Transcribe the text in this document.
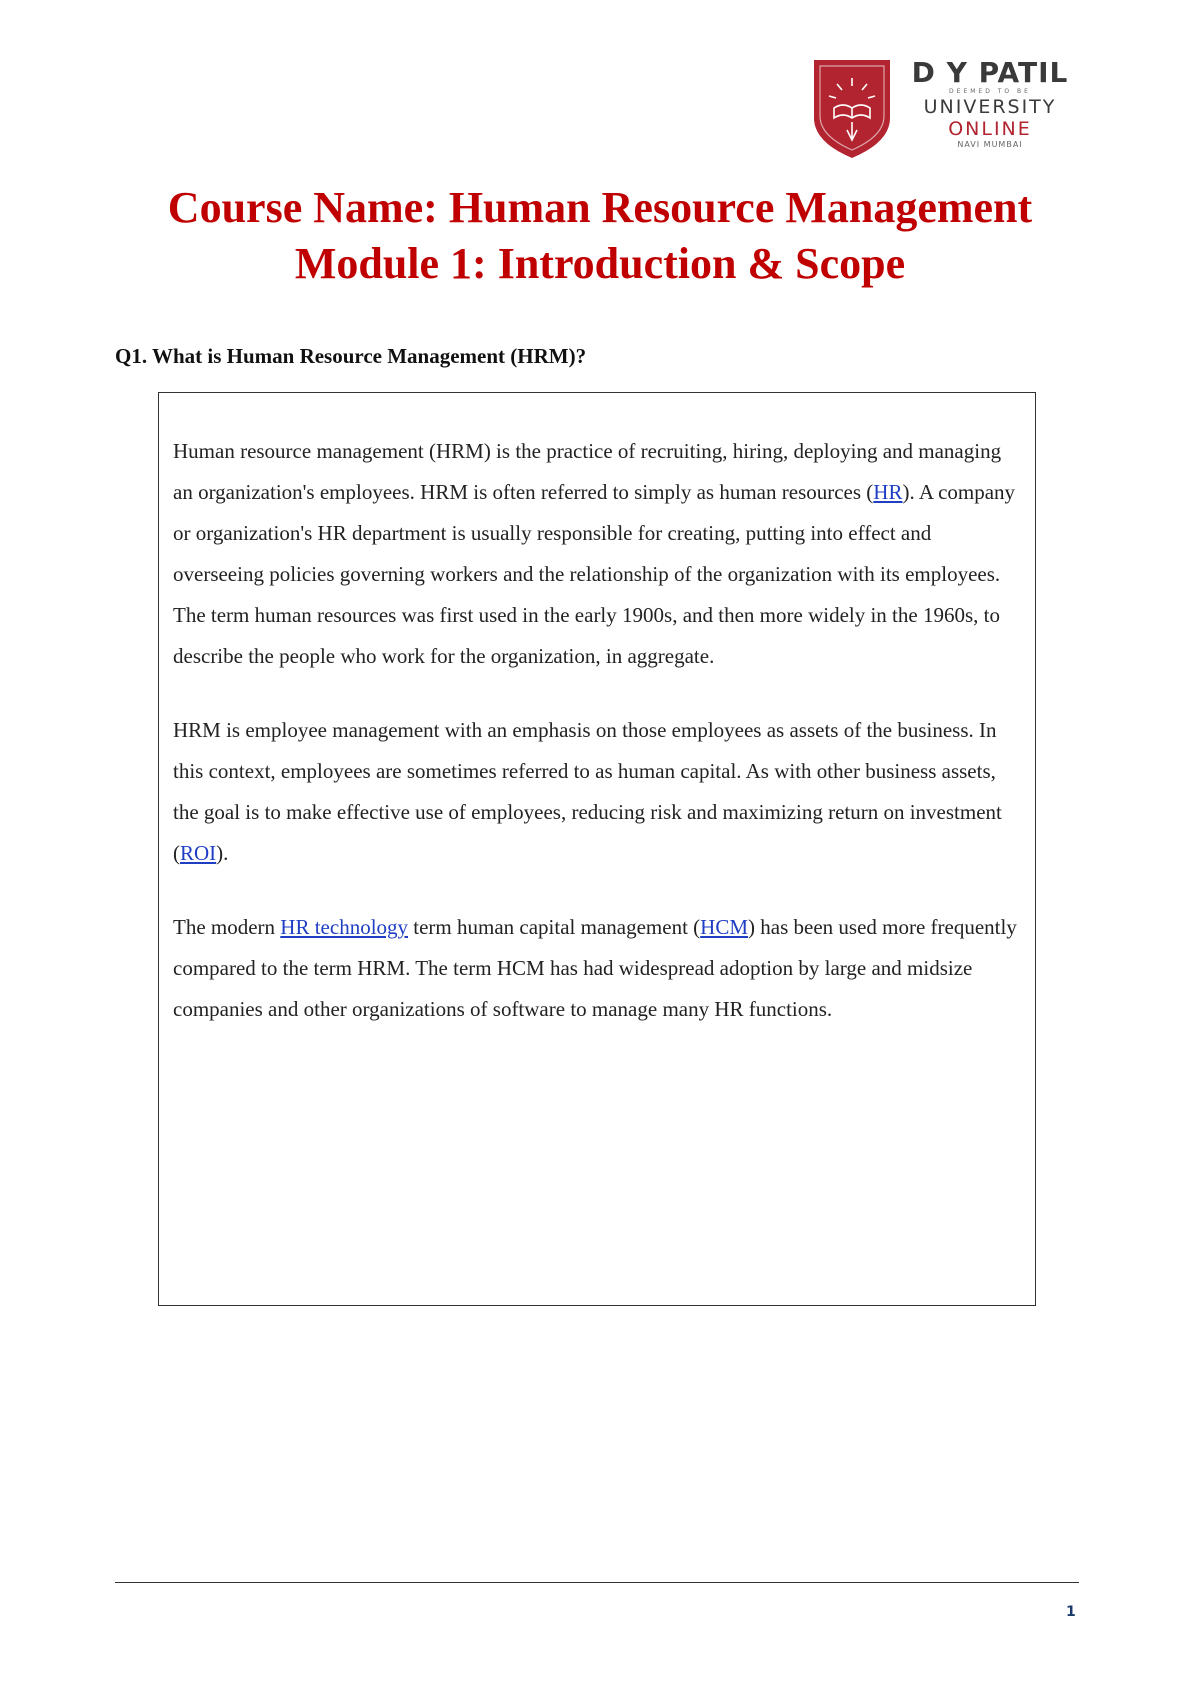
D Y PATIL
DEEMED TO BE
UNIVERSITY
ONLINE
NAVI MUMBAI
Course Name: Human Resource Management
Module 1: Introduction & Scope
Q1. What is Human Resource Management (HRM)?

Human resource management (HRM) is the practice of recruiting, hiring, deploying and managing an organization's employees. HRM is often referred to simply as human resources (HR). A company or organization's HR department is usually responsible for creating, putting into effect and overseeing policies governing workers and the relationship of the organization with its employees. The term human resources was first used in the early 1900s, and then more widely in the 1960s, to describe the people who work for the organization, in aggregate.

HRM is employee management with an emphasis on those employees as assets of the business. In this context, employees are sometimes referred to as human capital. As with other business assets, the goal is to make effective use of employees, reducing risk and maximizing return on investment (ROI).

The modern HR technology term human capital management (HCM) has been used more frequently compared to the term HRM. The term HCM has had widespread adoption by large and midsize companies and other organizations of software to manage many HR functions.

1
